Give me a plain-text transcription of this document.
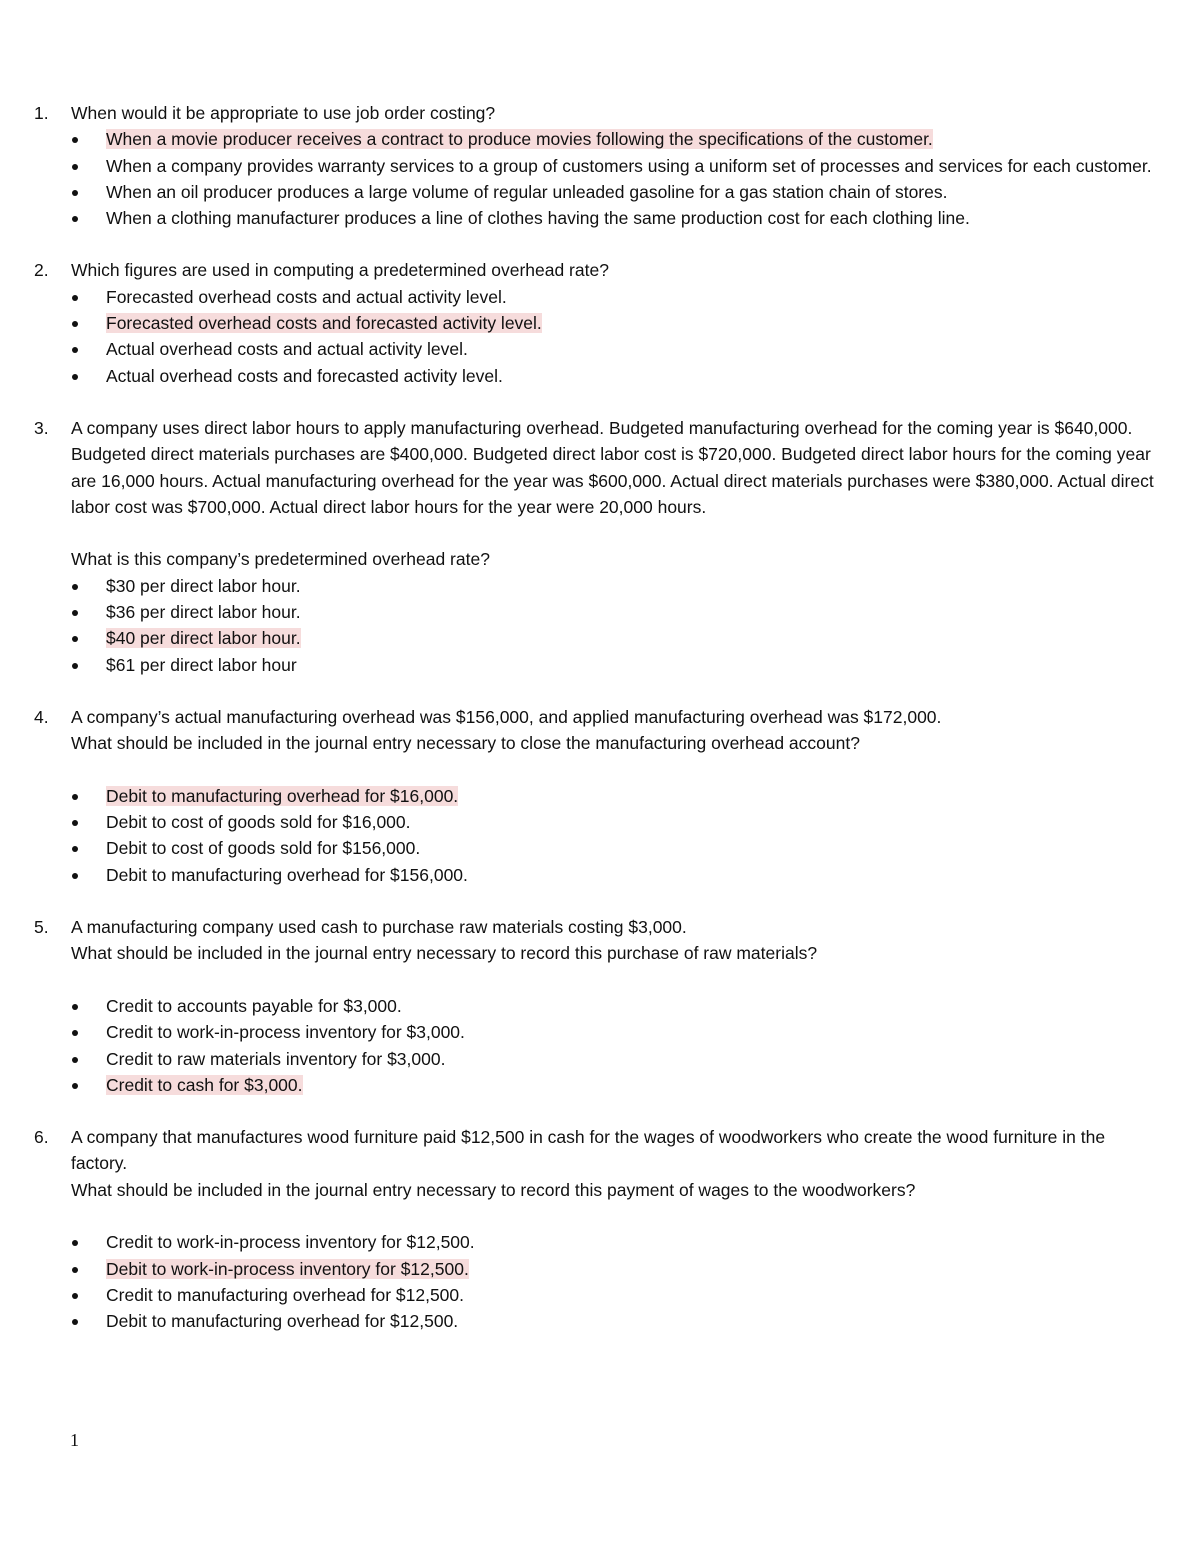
1. When would it be appropriate to use job order costing?
When a movie producer receives a contract to produce movies following the specifications of the customer.
When a company provides warranty services to a group of customers using a uniform set of processes and services for each customer.
When an oil producer produces a large volume of regular unleaded gasoline for a gas station chain of stores.
When a clothing manufacturer produces a line of clothes having the same production cost for each clothing line.
2. Which figures are used in computing a predetermined overhead rate?
Forecasted overhead costs and actual activity level.
Forecasted overhead costs and forecasted activity level.
Actual overhead costs and actual activity level.
Actual overhead costs and forecasted activity level.
3. A company uses direct labor hours to apply manufacturing overhead. Budgeted manufacturing overhead for the coming year is $640,000. Budgeted direct materials purchases are $400,000. Budgeted direct labor cost is $720,000. Budgeted direct labor hours for the coming year are 16,000 hours. Actual manufacturing overhead for the year was $600,000. Actual direct materials purchases were $380,000. Actual direct labor cost was $700,000. Actual direct labor hours for the year were 20,000 hours.
What is this company’s predetermined overhead rate?
$30 per direct labor hour.
$36 per direct labor hour.
$40 per direct labor hour.
$61 per direct labor hour
4. A company’s actual manufacturing overhead was $156,000, and applied manufacturing overhead was $172,000.
What should be included in the journal entry necessary to close the manufacturing overhead account?
Debit to manufacturing overhead for $16,000.
Debit to cost of goods sold for $16,000.
Debit to cost of goods sold for $156,000.
Debit to manufacturing overhead for $156,000.
5. A manufacturing company used cash to purchase raw materials costing $3,000.
What should be included in the journal entry necessary to record this purchase of raw materials?
Credit to accounts payable for $3,000.
Credit to work-in-process inventory for $3,000.
Credit to raw materials inventory for $3,000.
Credit to cash for $3,000.
6. A company that manufactures wood furniture paid $12,500 in cash for the wages of woodworkers who create the wood furniture in the factory.
What should be included in the journal entry necessary to record this payment of wages to the woodworkers?
Credit to work-in-process inventory for $12,500.
Debit to work-in-process inventory for $12,500.
Credit to manufacturing overhead for $12,500.
Debit to manufacturing overhead for $12,500.
1
